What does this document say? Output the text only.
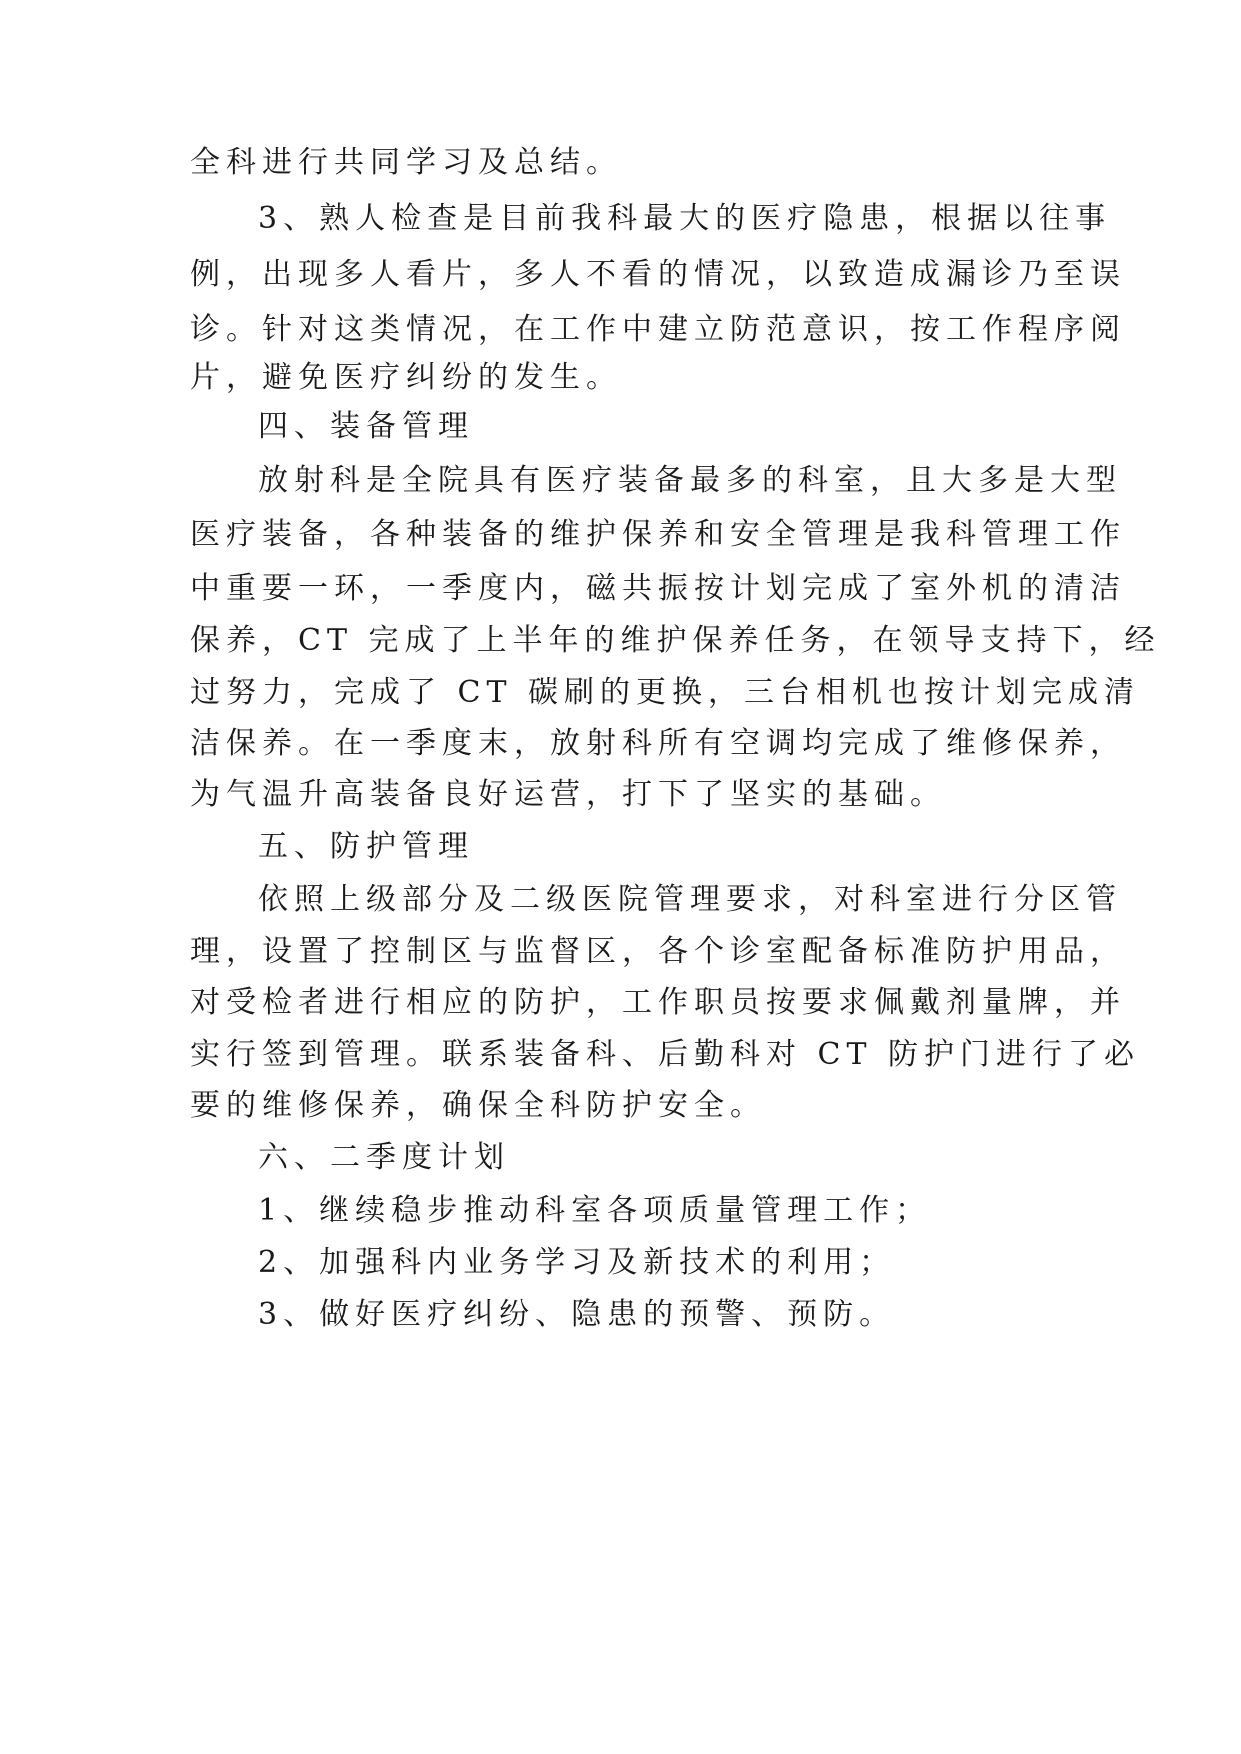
全科进行共同学习及总结。
3、熟人检查是目前我科最大的医疗隐患，根据以往事
例，出现多人看片，多人不看的情况，以致造成漏诊乃至误
诊。针对这类情况，在工作中建立防范意识，按工作程序阅
片，避免医疗纠纷的发生。
四、装备管理
放射科是全院具有医疗装备最多的科室，且大多是大型
医疗装备，各种装备的维护保养和安全管理是我科管理工作
中重要一环，一季度内，磁共振按计划完成了室外机的清洁
保养，CT 完成了上半年的维护保养任务，在领导支持下，经
过努力，完成了 CT 碳刷的更换，三台相机也按计划完成清
洁保养。在一季度末，放射科所有空调均完成了维修保养，
为气温升高装备良好运营，打下了坚实的基础。
五、防护管理
依照上级部分及二级医院管理要求，对科室进行分区管
理，设置了控制区与监督区，各个诊室配备标准防护用品，
对受检者进行相应的防护，工作职员按要求佩戴剂量牌，并
实行签到管理。联系装备科、后勤科对 CT 防护门进行了必
要的维修保养，确保全科防护安全。
六、二季度计划
1、继续稳步推动科室各项质量管理工作；
2、加强科内业务学习及新技术的利用；
3、做好医疗纠纷、隐患的预警、预防。
